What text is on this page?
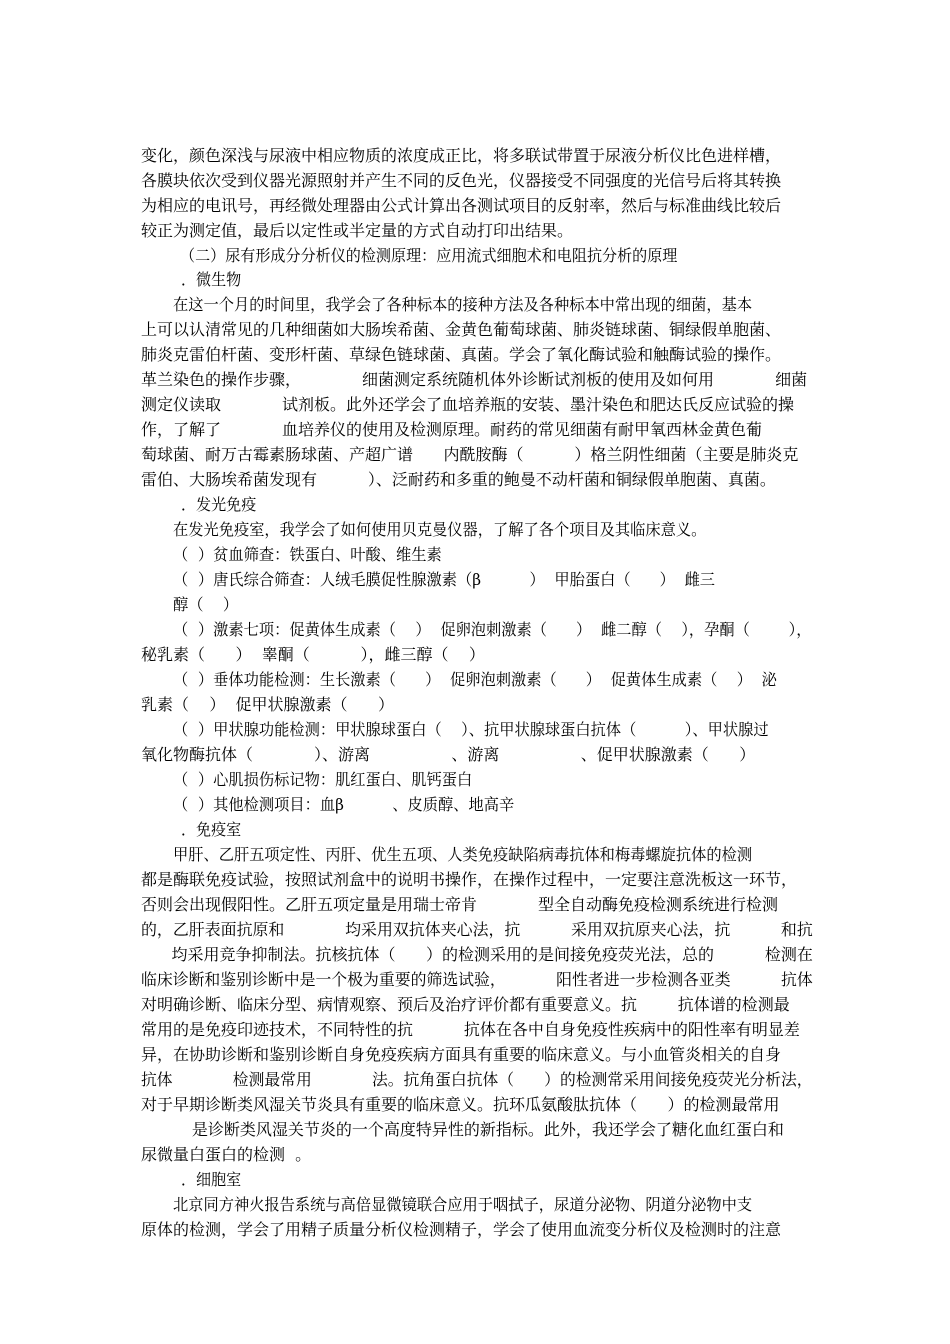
变化，颜色深浅与尿液中相应物质的浓度成正比，将多联试带置于尿液分析仪比色进样槽，

各膜块依次受到仪器光源照射并产生不同的反色光，仪器接受不同强度的光信号后将其转换

为相应的电讯号，再经微处理器由公式计算出各测试项目的反射率，然后与标准曲线比较后

较正为测定值，最后以定性或半定量的方式自动打印出结果。

（二）尿有形成分分析仪的检测原理：应用流式细胞术和电阻抗分析的原理

．微生物

在这一个月的时间里，我学会了各种标本的接种方法及各种标本中常出现的细菌，基本

上可以认清常见的几种细菌如大肠埃希菌、金黄色葡萄球菌、肺炎链球菌、铜绿假单胞菌、

肺炎克雷伯杆菌、变形杆菌、草绿色链球菌、真菌。学会了氧化酶试验和触酶试验的操作。

革兰染色的操作步骤，            细菌测定系统随机体外诊断试剂板的使用及如何用            细菌

测定仪读取            试剂板。此外还学会了血培养瓶的安装、墨汁染色和肥达氏反应试验的操

作，了解了            血培养仪的使用及检测原理。耐药的常见细菌有耐甲氧西林金黄色葡

萄球菌、耐万古霉素肠球菌、产超广谱      内酰胺酶（          ）格兰阴性细菌（主要是肺炎克

雷伯、大肠埃希菌发现有          ）、泛耐药和多重的鲍曼不动杆菌和铜绿假单胞菌、真菌。

．发光免疫

在发光免疫室，我学会了如何使用贝克曼仪器，了解了各个项目及其临床意义。

（  ）贫血筛查：铁蛋白、叶酸、维生素

（  ）唐氏综合筛查：人绒毛膜促性腺激素（β          ）  甲胎蛋白（      ）  雌三

醇（    ）

（  ）激素七项：促黄体生成素（    ）  促卵泡刺激素（      ）  雌二醇（    ），孕酮（        ），

秘乳素（      ）  睾酮（          ），雌三醇（    ）

（  ）垂体功能检测：生长激素（      ）  促卵泡刺激素（      ）  促黄体生成素（    ）  泌

乳素（    ）  促甲状腺激素（      ）

（  ）甲状腺功能检测：甲状腺球蛋白（    ）、抗甲状腺球蛋白抗体（          ）、甲状腺过

氧化物酶抗体（            ）、游离                、游离                、促甲状腺激素（      ）

（  ）心肌损伤标记物：肌红蛋白、肌钙蛋白

（  ）其他检测项目：血β          、皮质醇、地高辛

．免疫室

甲肝、乙肝五项定性、丙肝、优生五项、人类免疫缺陷病毒抗体和梅毒螺旋抗体的检测

都是酶联免疫试验，按照试剂盒中的说明书操作，在操作过程中，一定要注意洗板这一环节，

否则会出现假阳性。乙肝五项定量是用瑞士帝肯            型全自动酶免疫检测系统进行检测

的，乙肝表面抗原和            均采用双抗体夹心法，抗          采用双抗原夹心法，抗          和抗

均采用竞争抑制法。抗核抗体（      ）的检测采用的是间接免疫荧光法，总的          检测在

临床诊断和鉴别诊断中是一个极为重要的筛选试验，          阳性者进一步检测各亚类          抗体

对明确诊断、临床分型、病情观察、预后及治疗评价都有重要意义。抗        抗体谱的检测最

常用的是免疫印迹技术，不同特性的抗          抗体在各中自身免疫性疾病中的阳性率有明显差

异，在协助诊断和鉴别诊断自身免疫疾病方面具有重要的临床意义。与小血管炎相关的自身

抗体            检测最常用            法。抗角蛋白抗体（      ）的检测常采用间接免疫荧光分析法，

对于早期诊断类风湿关节炎具有重要的临床意义。抗环瓜氨酸肽抗体（      ）的检测最常用

是诊断类风湿关节炎的一个高度特异性的新指标。此外，我还学会了糖化血红蛋白和

尿微量白蛋白的检测  。

．细胞室

北京同方神火报告系统与高倍显微镜联合应用于咽拭子，尿道分泌物、阴道分泌物中支

原体的检测，学会了用精子质量分析仪检测精子，学会了使用血流变分析仪及检测时的注意
